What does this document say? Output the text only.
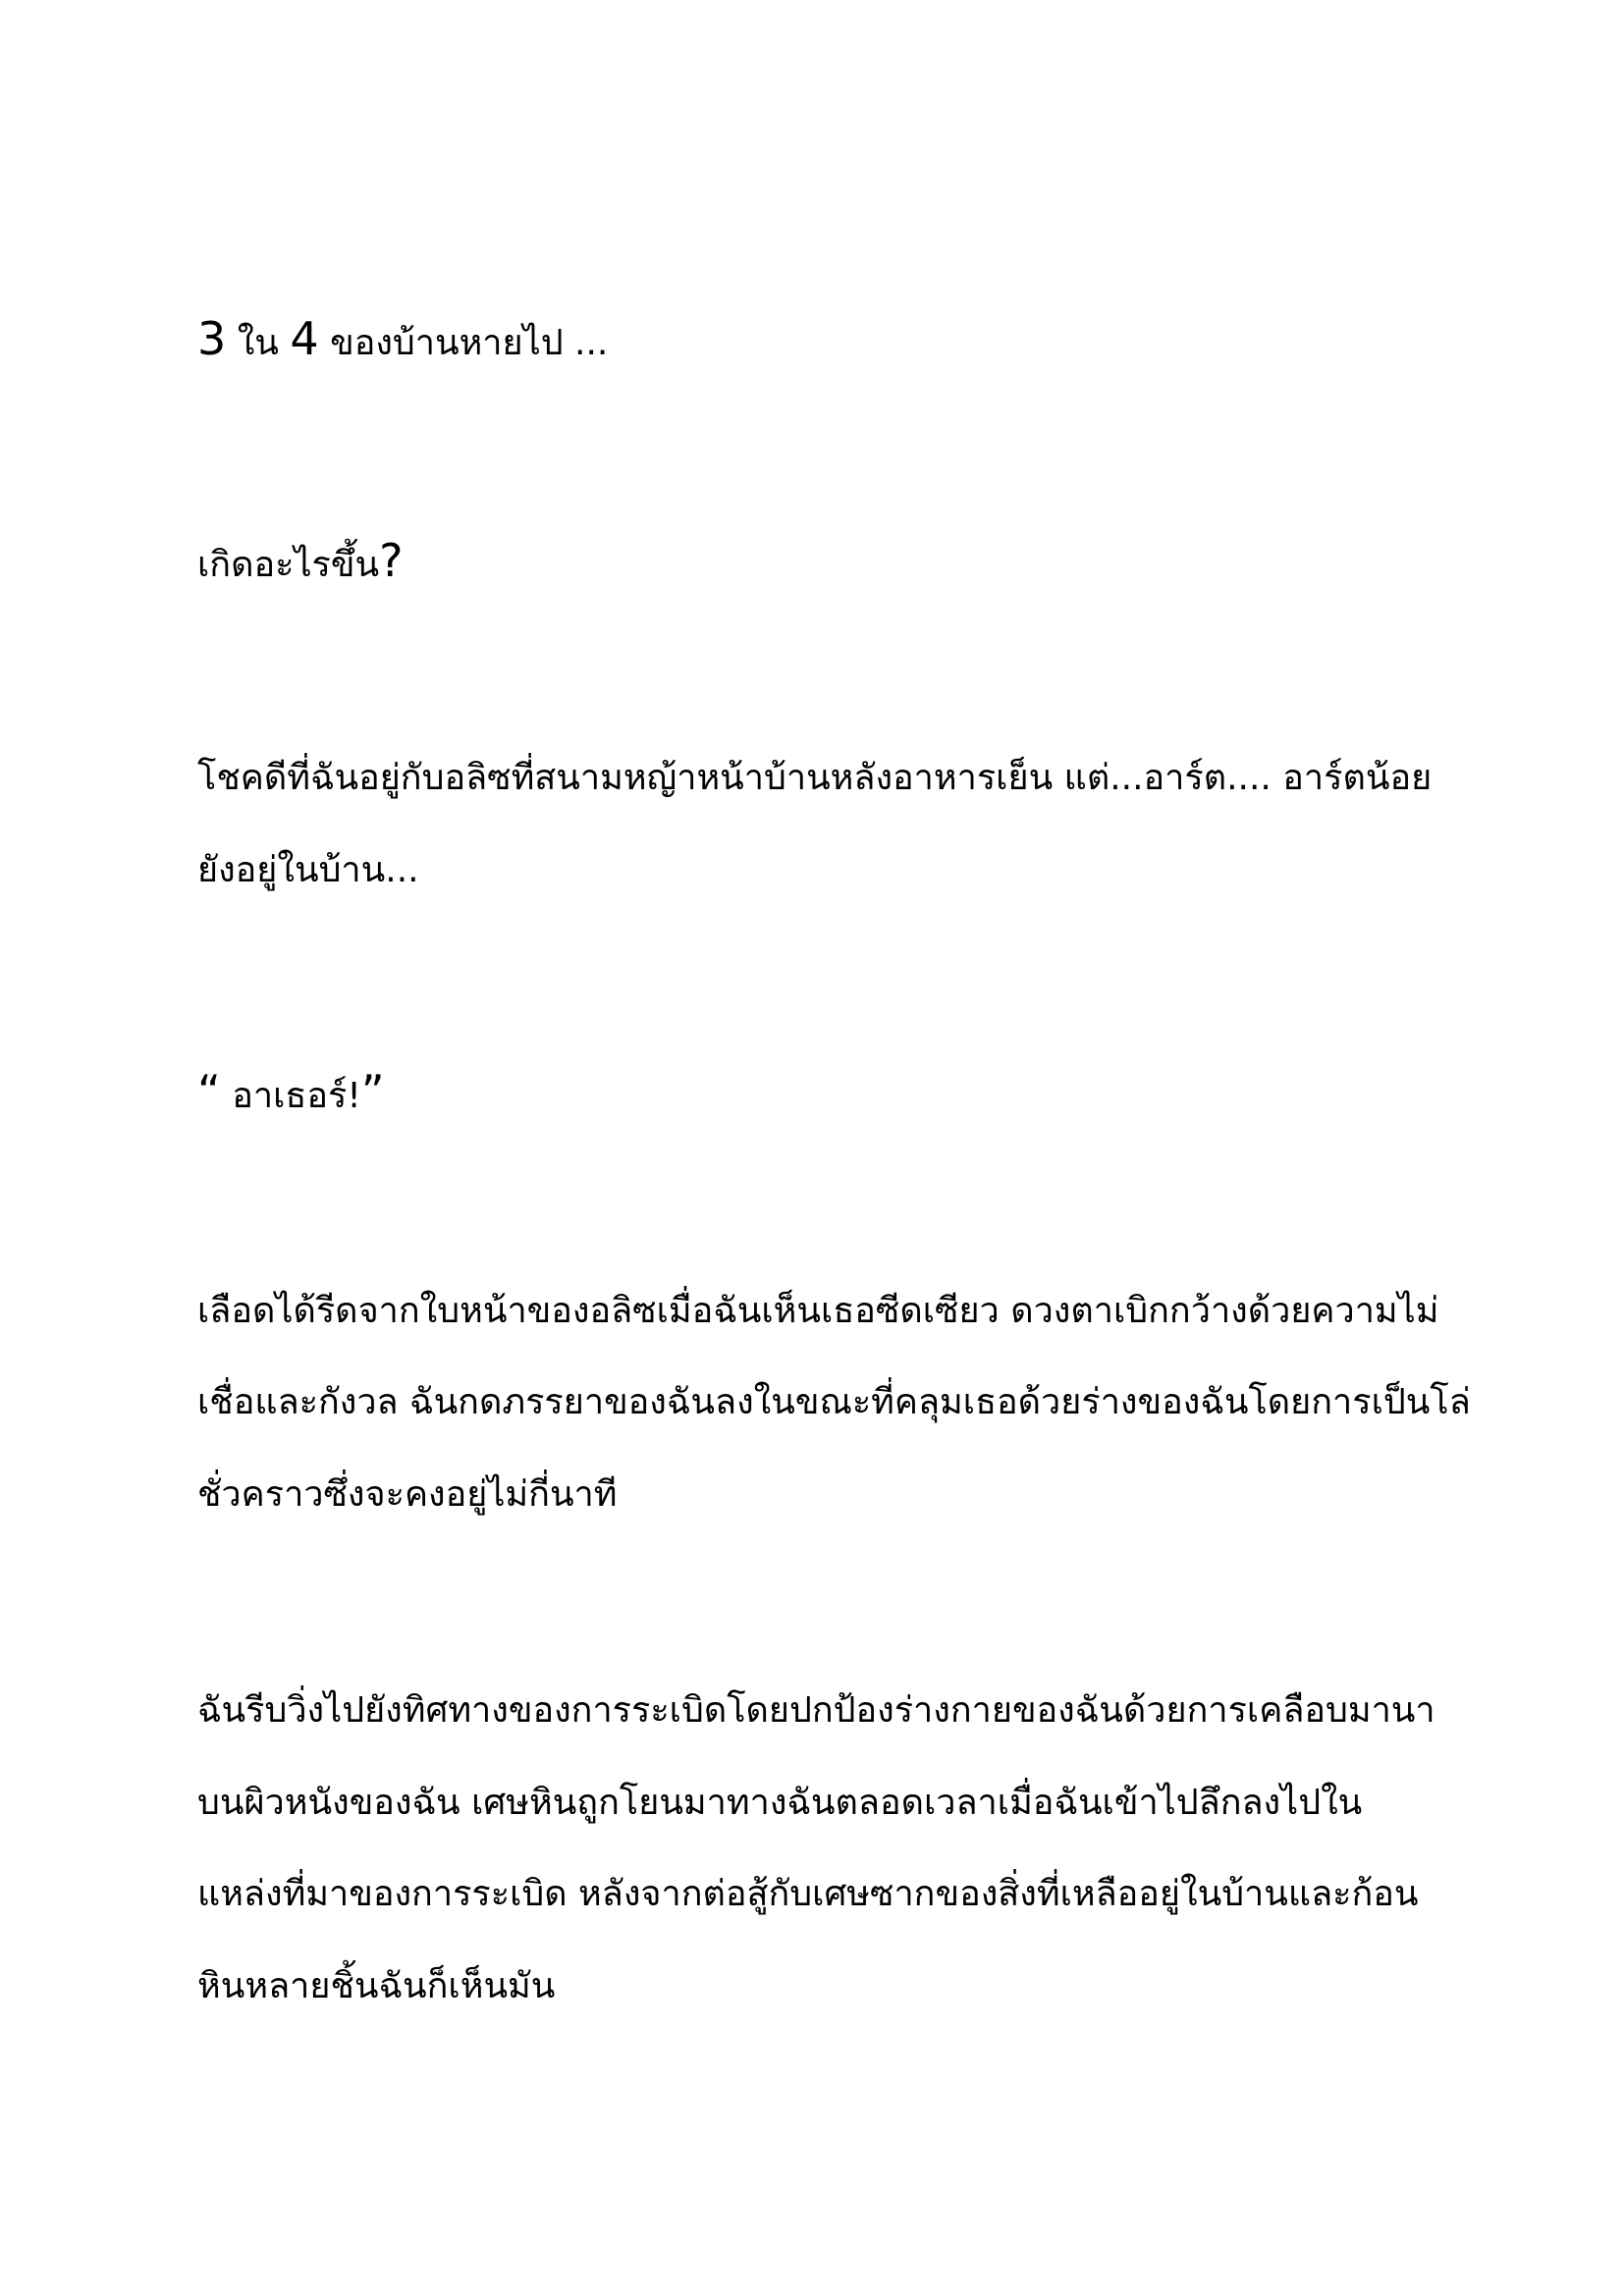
3 ใน 4 ของบ้านหายไป ...
เกิดอะไรขึ้น?
โชคดีที่ฉันอยู่กับอลิซที่สนามหญ้าหน้าบ้านหลังอาหารเย็น แต่...อาร์ต.... อาร์ตน้อย
ยังอยู่ในบ้าน...
“ อาเธอร์!”
เลือดได้รีดจากใบหน้าของอลิซเมื่อฉันเห็นเธอซีดเซียว ดวงตาเบิกกว้างด้วยความไม่
เชื่อและกังวล ฉันกดภรรยาของฉันลงในขณะที่คลุมเธอด้วยร่างของฉันโดยการเป็นโล่
ชั่วคราวซึ่งจะคงอยู่ไม่กี่นาที
ฉันรีบวิ่งไปยังทิศทางของการระเบิดโดยปกป้องร่างกายของฉันด้วยการเคลือบมานา
บนผิวหนังของฉัน เศษหินถูกโยนมาทางฉันตลอดเวลาเมื่อฉันเข้าไปลึกลงไปใน
แหล่งที่มาของการระเบิด หลังจากต่อสู้กับเศษซากของสิ่งที่เหลืออยู่ในบ้านและก้อน
หินหลายชิ้นฉันก็เห็นมัน
